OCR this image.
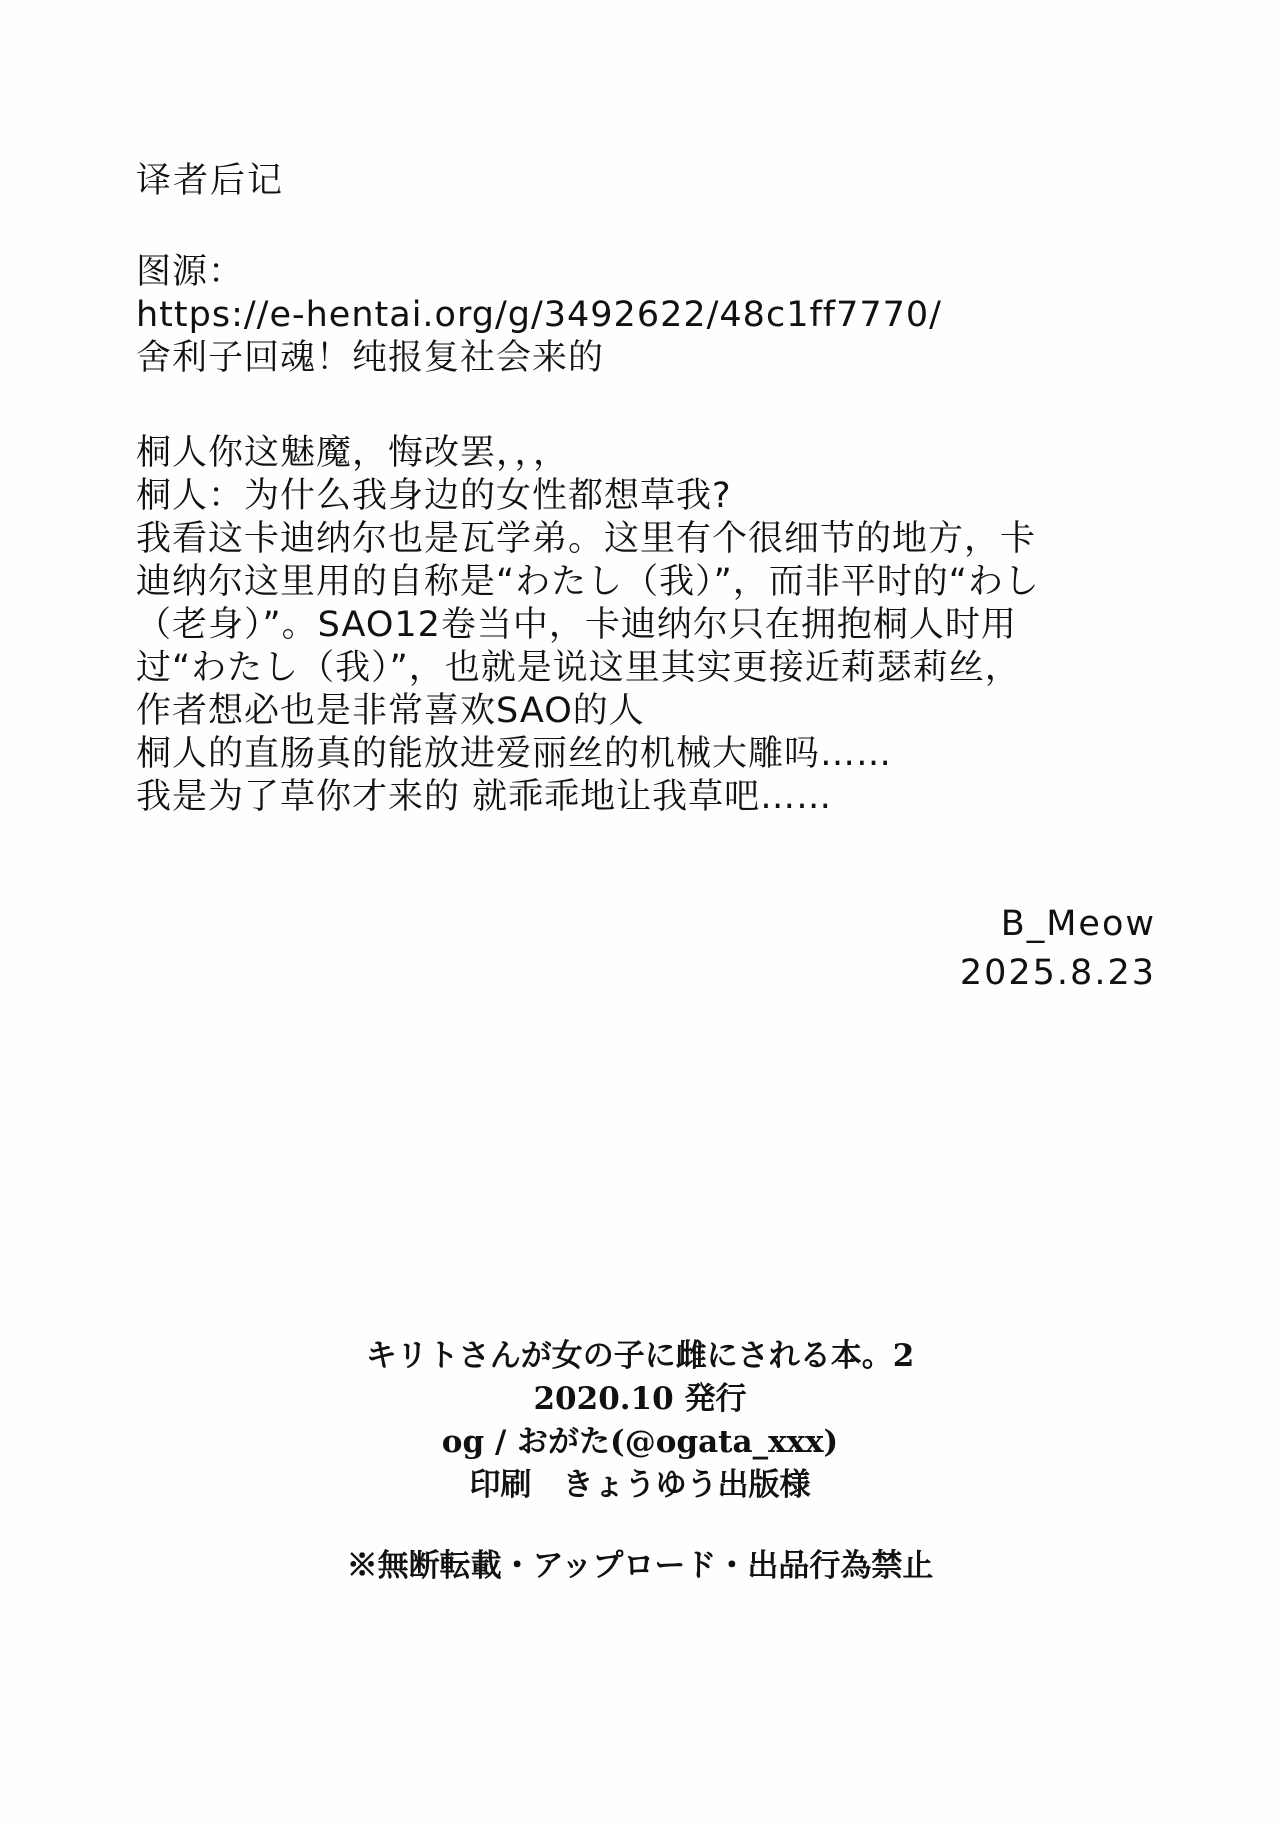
译者后记
图源：
https://e-hentai.org/g/3492622/48c1ff7770/
舍利子回魂！纯报复社会来的
桐人你这魅魔，悔改罢，，，
桐人：为什么我身边的女性都想草我?
我看这卡迪纳尔也是瓦学弟。这里有个很细节的地方，卡
迪纳尔这里用的自称是“わたし（我）”，而非平时的“わし
（老身）”。SAO12卷当中，卡迪纳尔只在拥抱桐人时用
过“わたし（我）”，也就是说这里其实更接近莉瑟莉丝，
作者想必也是非常喜欢SAO的人
桐人的直肠真的能放进爱丽丝的机械大雕吗……
我是为了草你才来的 就乖乖地让我草吧……
B_Meow
2025.8.23
キリトさんが女の子に雌にされる本。2
2020.10 発行
og / おがた(@ogata_xxx)
印刷　きょうゆう出版様
※無断転載・アップロード・出品行為禁止
